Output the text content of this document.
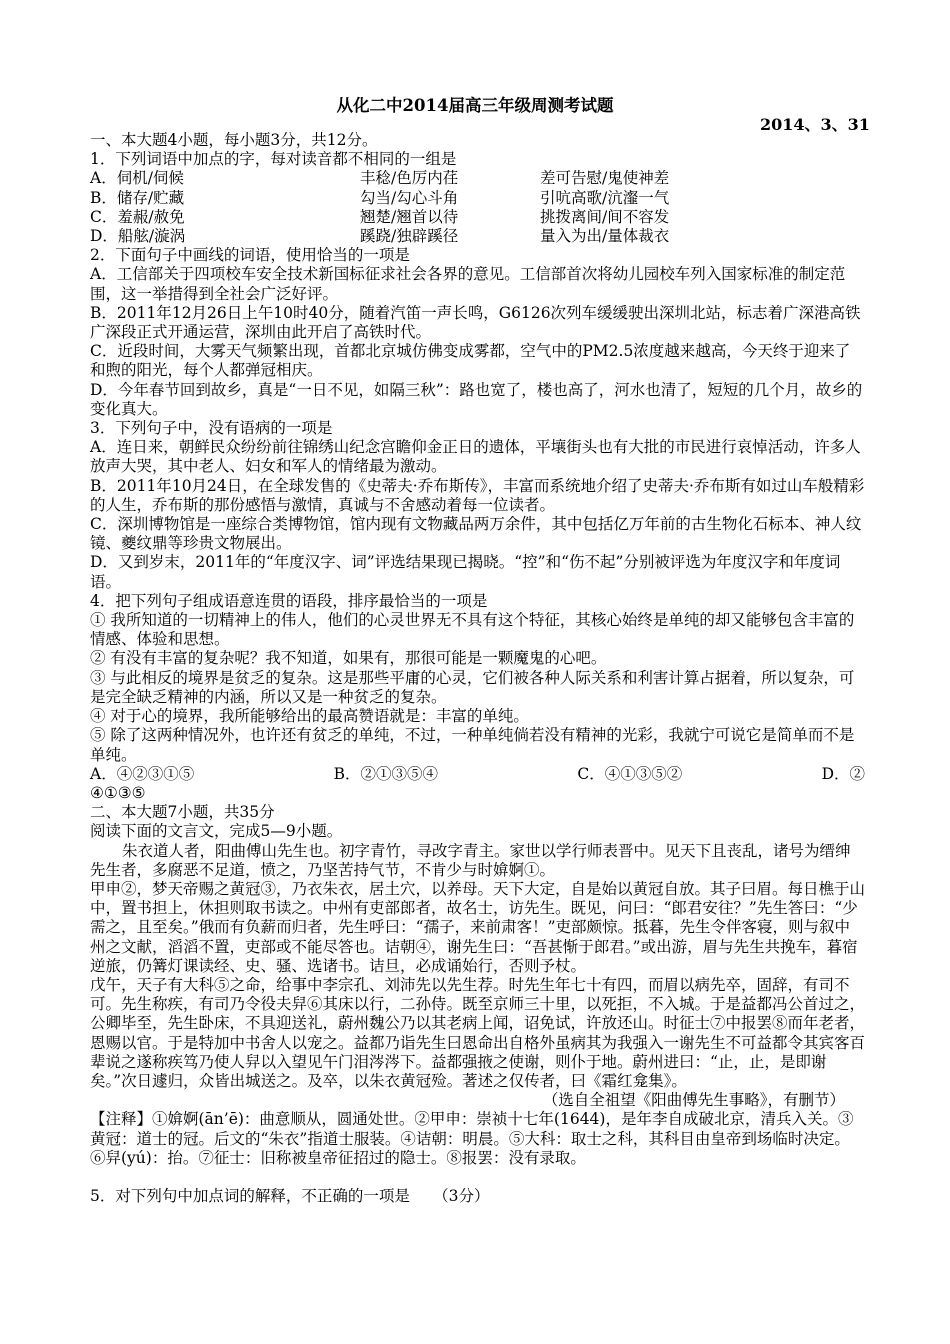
从化二中2014届高三年级周测考试题
2014、3、31

一、本大题4小题，每小题3分，共12分。

1．下列词语中加点的字，每对读音都不相同的一组是

A．伺机/伺候	丰稔/色厉内荏	差可告慰/鬼使神差
B．储存/贮藏	勾当/勾心斗角	引吭高歌/沆瀣一气
C．羞赧/赦免	翘楚/翘首以待	挑拨离间/间不容发
D．船舷/漩涡	蹊跷/独辟蹊径	量入为出/量体裁衣

2．下面句子中画线的词语，使用恰当的一项是

A．工信部关于四项校车安全技术新国标征求社会各界的意见。工信部首次将幼儿园校车列入国家标准的制定范围，这一举措得到全社会广泛好评。

B．2011年12月26日上午10时40分，随着汽笛一声长鸣，G6126次列车缓缓驶出深圳北站，标志着广深港高铁广深段正式开通运营，深圳由此开启了高铁时代。

C．近段时间，大雾天气频繁出现，首都北京城仿佛变成雾都，空气中的PM2.5浓度越来越高，今天终于迎来了和煦的阳光，每个人都弹冠相庆。

D．今年春节回到故乡，真是“一日不见，如隔三秋”：路也宽了，楼也高了，河水也清了，短短的几个月，故乡的变化真大。

3．下列句子中，没有语病的一项是

A．连日来，朝鲜民众纷纷前往锦绣山纪念宫瞻仰金正日的遗体，平壤街头也有大批的市民进行哀悼活动，许多人放声大哭，其中老人、妇女和军人的情绪最为激动。

B．2011年10月24日，在全球发售的《史蒂夫·乔布斯传》，丰富而系统地介绍了史蒂夫·乔布斯有如过山车般精彩的人生，乔布斯的那份感悟与激情，真诚与不舍感动着每一位读者。

C．深圳博物馆是一座综合类博物馆，馆内现有文物藏品两万余件，其中包括亿万年前的古生物化石标本、神人纹镜、夔纹鼎等珍贵文物展出。

D．又到岁末，2011年的“年度汉字、词”评选结果现已揭晓。“控”和“伤不起”分别被评选为年度汉字和年度词语。

4．把下列句子组成语意连贯的语段，排序最恰当的一项是

① 我所知道的一切精神上的伟人，他们的心灵世界无不具有这个特征，其核心始终是单纯的却又能够包含丰富的情感、体验和思想。

② 有没有丰富的复杂呢？我不知道，如果有，那很可能是一颗魔鬼的心吧。

③ 与此相反的境界是贫乏的复杂。这是那些平庸的心灵，它们被各种人际关系和利害计算占据着，所以复杂，可是完全缺乏精神的内涵，所以又是一种贫乏的复杂。

④ 对于心的境界，我所能够给出的最高赞语就是：丰富的单纯。

⑤ 除了这两种情况外，也许还有贫乏的单纯，不过，一种单纯倘若没有精神的光彩，我就宁可说它是简单而不是单纯。

A．④②③①⑤	B．②①③⑤④	C．④①③⑤②	D．②

④①③⑤

二、本大题7小题，共35分

阅读下面的文言文，完成5—9小题。

朱衣道人者，阳曲傅山先生也。初字青竹，寻改字青主。家世以学行师表晋中。见天下且丧乱，诸号为缙绅先生者，多腐恶不足道，愤之，乃坚苦持气节，不肯少与时媕婀①。

甲申②，梦天帝赐之黄冠③，乃衣朱衣，居土穴，以养母。天下大定，自是始以黄冠自放。其子曰眉。每日樵于山中，置书担上，休担则取书读之。中州有吏部郎者，故名士，访先生。既见，问曰：“郎君安往？”先生答曰：“少需之，且至矣。”俄而有负薪而归者，先生呼曰：“孺子，来前肃客！”吏部颇惊。抵暮，先生令伴客寝，则与叙中州之文献，滔滔不置，吏部或不能尽答也。诘朝④，谢先生曰：“吾甚惭于郎君。”或出游，眉与先生共挽车，暮宿逆旅，仍篝灯课读经、史、骚、选诸书。诘旦，必成诵始行，否则予杖。

戊午，天子有大科⑤之命，给事中李宗孔、刘沛先以先生荐。时先生年七十有四，而眉以病先卒，固辞，有司不可。先生称疾，有司乃令役夫舁⑥其床以行，二孙侍。既至京师三十里，以死拒，不入城。于是益都冯公首过之，公卿毕至，先生卧床，不具迎送礼，蔚州魏公乃以其老病上闻，诏免试，许放还山。时征士⑦中报罢⑧而年老者，恩赐以官。于是特加中书舍人以宠之。益都乃诣先生曰恩命出自格外虽病其为我强入一谢先生不可益都令其宾客百辈说之遂称疾笃乃使人舁以入望见午门泪涔涔下。益都强掖之使谢，则仆于地。蔚州进曰：“止，止，是即谢矣。”次日遽归，众皆出城送之。及卒，以朱衣黄冠殓。著述之仅传者，曰《霜红龛集》。

（选自全祖望《阳曲傅先生事略》，有删节）

【注释】①媕婀(ān’ē)：曲意顺从，圆通处世。②甲申：崇祯十七年(1644)，是年李自成破北京，清兵入关。③黄冠：道士的冠。后文的“朱衣”指道士服装。④诘朝：明晨。⑤大科：取士之科，其科目由皇帝到场临时决定。⑥舁(yú)：抬。⑦征士：旧称被皇帝征招过的隐士。⑧报罢：没有录取。

5．对下列句中加点词的解释，不正确的一项是　　（3分）
